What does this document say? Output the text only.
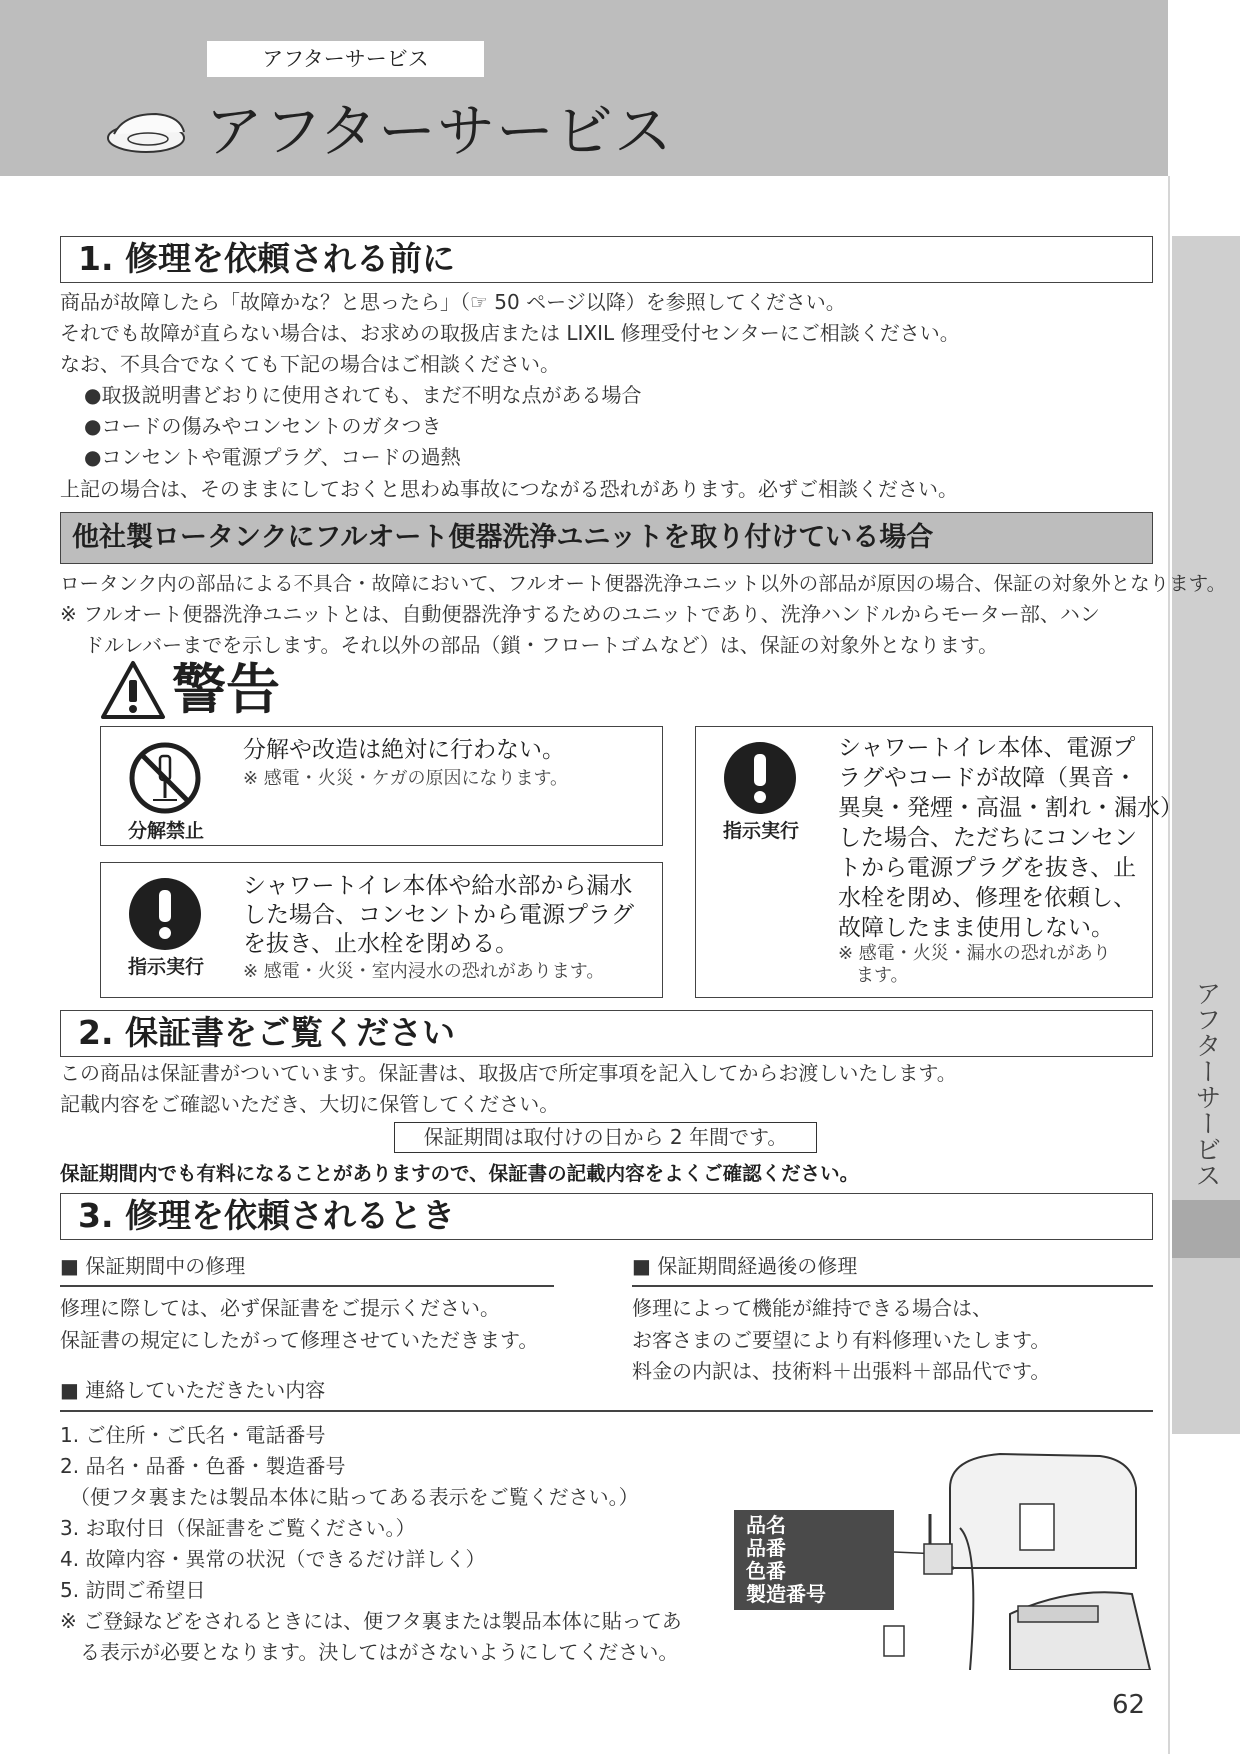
アフターサービス
アフターサービス
アフターサービス
1. 修理を依頼される前に
商品が故障したら「故障かな？と思ったら」（☞ 50 ページ以降）を参照してください。
それでも故障が直らない場合は、お求めの取扱店または LIXIL 修理受付センターにご相談ください。
なお、不具合でなくても下記の場合はご相談ください。
●取扱説明書どおりに使用されても、まだ不明な点がある場合
●コードの傷みやコンセントのガタつき
●コンセントや電源プラグ、コードの過熱
上記の場合は、そのままにしておくと思わぬ事故につながる恐れがあります。必ずご相談ください。
他社製ロータンクにフルオート便器洗浄ユニットを取り付けている場合
ロータンク内の部品による不具合・故障において、フルオート便器洗浄ユニット以外の部品が原因の場合、保証の対象外となります。
※ フルオート便器洗浄ユニットとは、自動便器洗浄するためのユニットであり、洗浄ハンドルからモーター部、ハン
ドルレバーまでを示します。それ以外の部品（鎖・フロートゴムなど）は、保証の対象外となります。
警告
分解禁止
分解や改造は絶対に行わない。
※ 感電・火災・ケガの原因になります。
指示実行
シャワートイレ本体や給水部から漏水
した場合、コンセントから電源プラグ
を抜き、止水栓を閉める。
※ 感電・火災・室内浸水の恐れがあります。
指示実行
シャワートイレ本体、電源プ
ラグやコードが故障（異音・
異臭・発煙・高温・割れ・漏水）
した場合、ただちにコンセン
トから電源プラグを抜き、止
水栓を閉め、修理を依頼し、
故障したまま使用しない。
※ 感電・火災・漏水の恐れがあり
　ます。
2. 保証書をご覧ください
この商品は保証書がついています。保証書は、取扱店で所定事項を記入してからお渡しいたします。
記載内容をご確認いただき、大切に保管してください。
保証期間は取付けの日から 2 年間です。
保証期間内でも有料になることがありますので、保証書の記載内容をよくご確認ください。
3. 修理を依頼されるとき
■ 保証期間中の修理
修理に際しては、必ず保証書をご提示ください。
保証書の規定にしたがって修理させていただきます。
■ 保証期間経過後の修理
修理によって機能が維持できる場合は、
お客さまのご要望により有料修理いたします。
料金の内訳は、技術料＋出張料＋部品代です。
■ 連絡していただきたい内容
1. ご住所・ご氏名・電話番号
2. 品名・品番・色番・製造番号
　（便フタ裏または製品本体に貼ってある表示をご覧ください。）
3. お取付日（保証書をご覧ください。）
4. 故障内容・異常の状況（できるだけ詳しく）
5. 訪問ご希望日
※ ご登録などをされるときには、便フタ裏または製品本体に貼ってあ
　る表示が必要となります。決してはがさないようにしてください。
品名
品番
色番
製造番号
62
